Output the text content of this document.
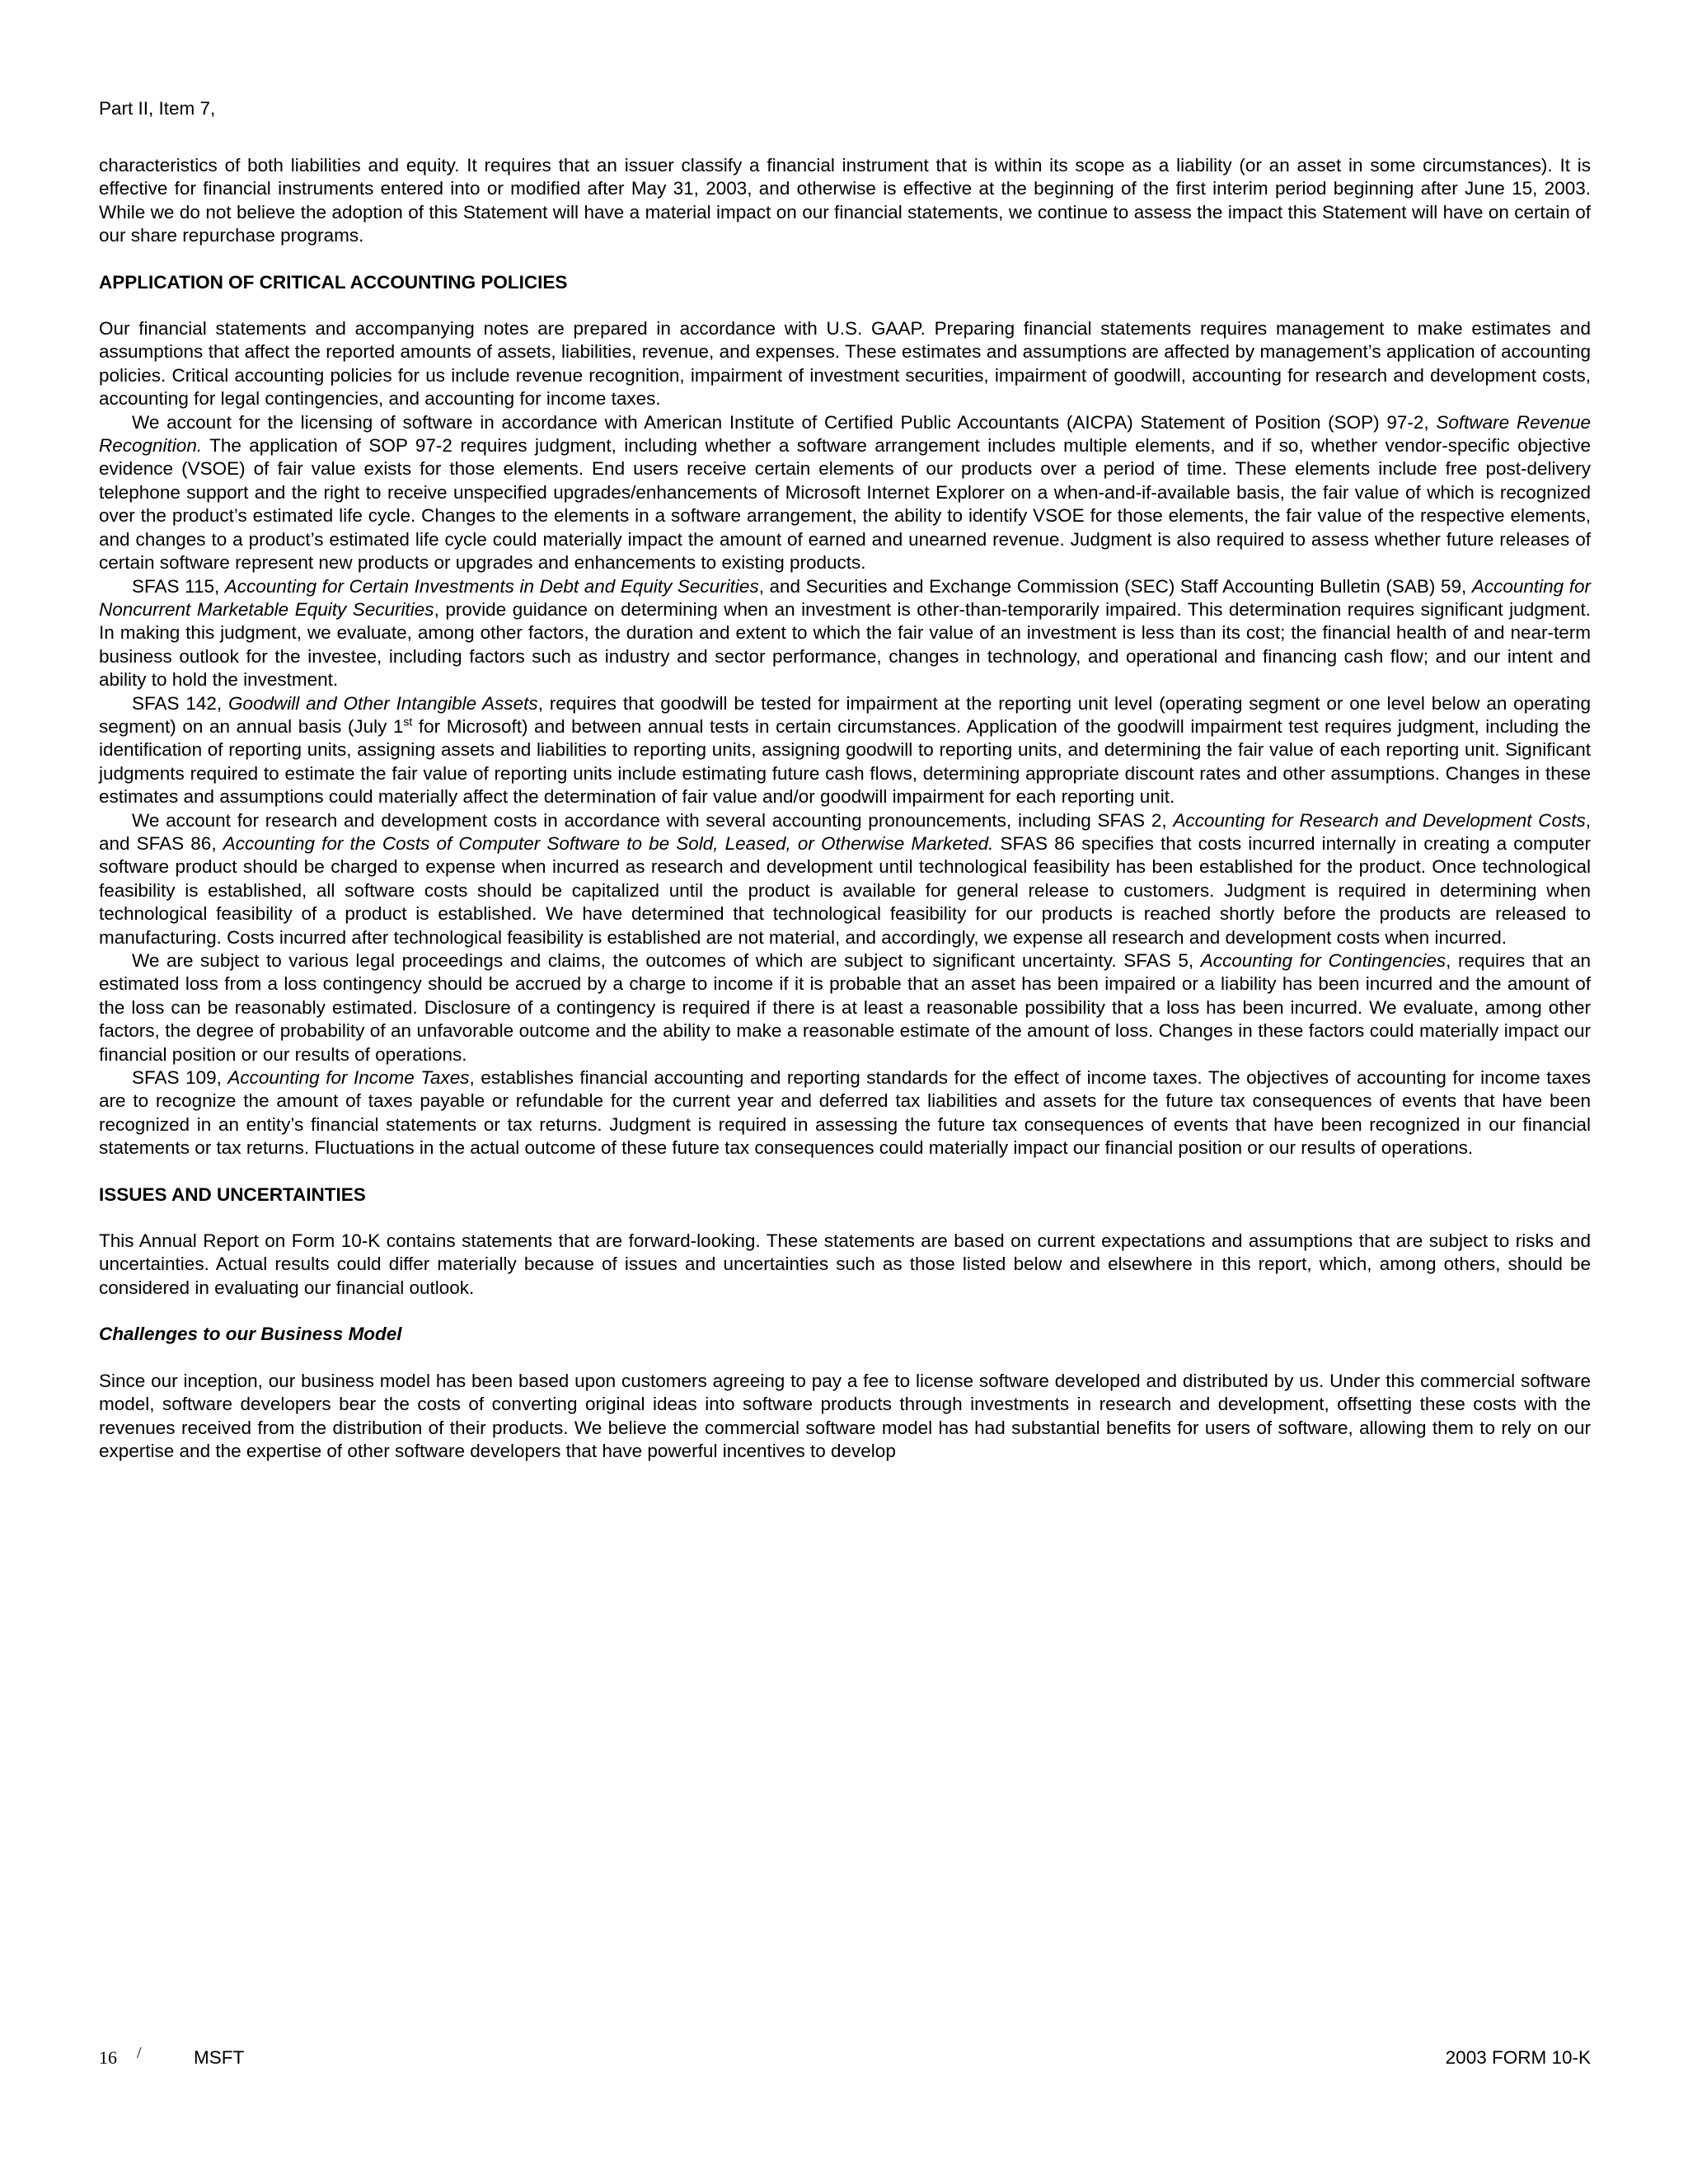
Part II, Item 7,

characteristics of both liabilities and equity. It requires that an issuer classify a financial instrument that is within its scope as a liability (or an asset in some circumstances). It is effective for financial instruments entered into or modified after May 31, 2003, and otherwise is effective at the beginning of the first interim period beginning after June 15, 2003. While we do not believe the adoption of this Statement will have a material impact on our financial statements, we continue to assess the impact this Statement will have on certain of our share repurchase programs.

APPLICATION OF CRITICAL ACCOUNTING POLICIES

Our financial statements and accompanying notes are prepared in accordance with U.S. GAAP. Preparing financial statements requires management to make estimates and assumptions that affect the reported amounts of assets, liabilities, revenue, and expenses. These estimates and assumptions are affected by management’s application of accounting policies. Critical accounting policies for us include revenue recognition, impairment of investment securities, impairment of goodwill, accounting for research and development costs, accounting for legal contingencies, and accounting for income taxes.

We account for the licensing of software in accordance with American Institute of Certified Public Accountants (AICPA) Statement of Position (SOP) 97-2, Software Revenue Recognition. The application of SOP 97-2 requires judgment, including whether a software arrangement includes multiple elements, and if so, whether vendor-specific objective evidence (VSOE) of fair value exists for those elements. End users receive certain elements of our products over a period of time. These elements include free post-delivery telephone support and the right to receive unspecified upgrades/enhancements of Microsoft Internet Explorer on a when-and-if-available basis, the fair value of which is recognized over the product’s estimated life cycle. Changes to the elements in a software arrangement, the ability to identify VSOE for those elements, the fair value of the respective elements, and changes to a product’s estimated life cycle could materially impact the amount of earned and unearned revenue. Judgment is also required to assess whether future releases of certain software represent new products or upgrades and enhancements to existing products.

SFAS 115, Accounting for Certain Investments in Debt and Equity Securities, and Securities and Exchange Commission (SEC) Staff Accounting Bulletin (SAB) 59, Accounting for Noncurrent Marketable Equity Securities, provide guidance on determining when an investment is other-than-temporarily impaired. This determination requires significant judgment. In making this judgment, we evaluate, among other factors, the duration and extent to which the fair value of an investment is less than its cost; the financial health of and near-term business outlook for the investee, including factors such as industry and sector performance, changes in technology, and operational and financing cash flow; and our intent and ability to hold the investment.

SFAS 142, Goodwill and Other Intangible Assets, requires that goodwill be tested for impairment at the reporting unit level (operating segment or one level below an operating segment) on an annual basis (July 1st for Microsoft) and between annual tests in certain circumstances. Application of the goodwill impairment test requires judgment, including the identification of reporting units, assigning assets and liabilities to reporting units, assigning goodwill to reporting units, and determining the fair value of each reporting unit. Significant judgments required to estimate the fair value of reporting units include estimating future cash flows, determining appropriate discount rates and other assumptions. Changes in these estimates and assumptions could materially affect the determination of fair value and/or goodwill impairment for each reporting unit.

We account for research and development costs in accordance with several accounting pronouncements, including SFAS 2, Accounting for Research and Development Costs, and SFAS 86, Accounting for the Costs of Computer Software to be Sold, Leased, or Otherwise Marketed. SFAS 86 specifies that costs incurred internally in creating a computer software product should be charged to expense when incurred as research and development until technological feasibility has been established for the product. Once technological feasibility is established, all software costs should be capitalized until the product is available for general release to customers. Judgment is required in determining when technological feasibility of a product is established. We have determined that technological feasibility for our products is reached shortly before the products are released to manufacturing. Costs incurred after technological feasibility is established are not material, and accordingly, we expense all research and development costs when incurred.

We are subject to various legal proceedings and claims, the outcomes of which are subject to significant uncertainty. SFAS 5, Accounting for Contingencies, requires that an estimated loss from a loss contingency should be accrued by a charge to income if it is probable that an asset has been impaired or a liability has been incurred and the amount of the loss can be reasonably estimated. Disclosure of a contingency is required if there is at least a reasonable possibility that a loss has been incurred. We evaluate, among other factors, the degree of probability of an unfavorable outcome and the ability to make a reasonable estimate of the amount of loss. Changes in these factors could materially impact our financial position or our results of operations.

SFAS 109, Accounting for Income Taxes, establishes financial accounting and reporting standards for the effect of income taxes. The objectives of accounting for income taxes are to recognize the amount of taxes payable or refundable for the current year and deferred tax liabilities and assets for the future tax consequences of events that have been recognized in an entity’s financial statements or tax returns. Judgment is required in assessing the future tax consequences of events that have been recognized in our financial statements or tax returns. Fluctuations in the actual outcome of these future tax consequences could materially impact our financial position or our results of operations.

ISSUES AND UNCERTAINTIES

This Annual Report on Form 10-K contains statements that are forward-looking. These statements are based on current expectations and assumptions that are subject to risks and uncertainties. Actual results could differ materially because of issues and uncertainties such as those listed below and elsewhere in this report, which, among others, should be considered in evaluating our financial outlook.

Challenges to our Business Model

Since our inception, our business model has been based upon customers agreeing to pay a fee to license software developed and distributed by us. Under this commercial software model, software developers bear the costs of converting original ideas into software products through investments in research and development, offsetting these costs with the revenues received from the distribution of their products. We believe the commercial software model has had substantial benefits for users of software, allowing them to rely on our expertise and the expertise of other software developers that have powerful incentives to develop

16 /	MSFT	2003 FORM 10-K
